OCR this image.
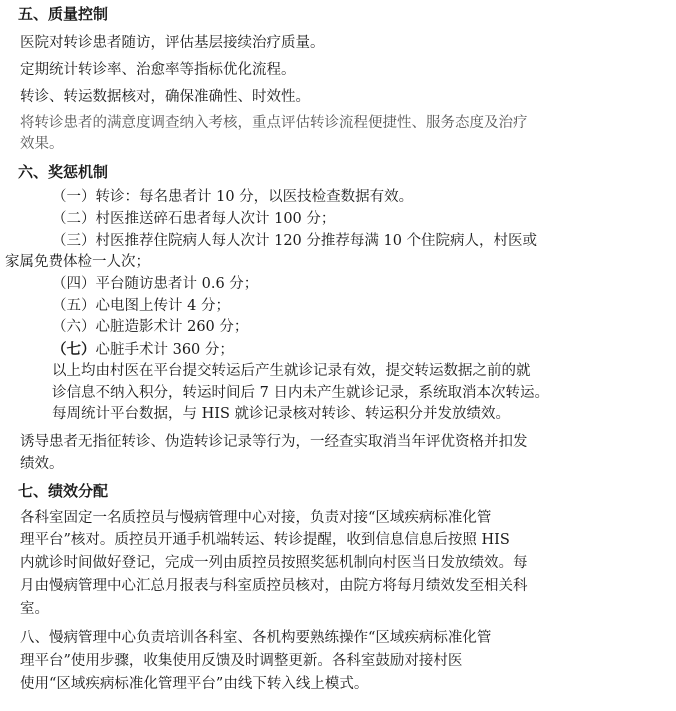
五、质量控制
医院对转诊患者随访，评估基层接续治疗质量。
定期统计转诊率、治愈率等指标优化流程。
转诊、转运数据核对，确保准确性、时效性。
将转诊患者的满意度调查纳入考核，重点评估转诊流程便捷性、服务态度及治疗
效果。
六、奖惩机制
（一）转诊：每名患者计 10 分，以医技检查数据有效。
（二）村医推送碎石患者每人次计 100 分；
（三）村医推荐住院病人每人次计 120 分推荐每满 10 个住院病人，村医或
家属免费体检一人次；
（四）平台随访患者计 0.6 分；
（五）心电图上传计 4 分；
（六）心脏造影术计 260 分；
（七）心脏手术计 360 分；
以上均由村医在平台提交转运后产生就诊记录有效，提交转运数据之前的就
诊信息不纳入积分，转运时间后 7 日内未产生就诊记录，系统取消本次转运。
每周统计平台数据，与 HIS 就诊记录核对转诊、转运积分并发放绩效。
诱导患者无指征转诊、伪造转诊记录等行为，一经查实取消当年评优资格并扣发
绩效。
七、绩效分配
各科室固定一名质控员与慢病管理中心对接，负责对接“区域疾病标准化管
理平台”核对。质控员开通手机端转运、转诊提醒，收到信息信息后按照 HIS
内就诊时间做好登记，完成一列由质控员按照奖惩机制向村医当日发放绩效。每
月由慢病管理中心汇总月报表与科室质控员核对，由院方将每月绩效发至相关科
室。
八、慢病管理中心负责培训各科室、各机构要熟练操作“区域疾病标准化管
理平台”使用步骤，收集使用反馈及时调整更新。各科室鼓励对接村医
使用“区域疾病标准化管理平台”由线下转入线上模式。
